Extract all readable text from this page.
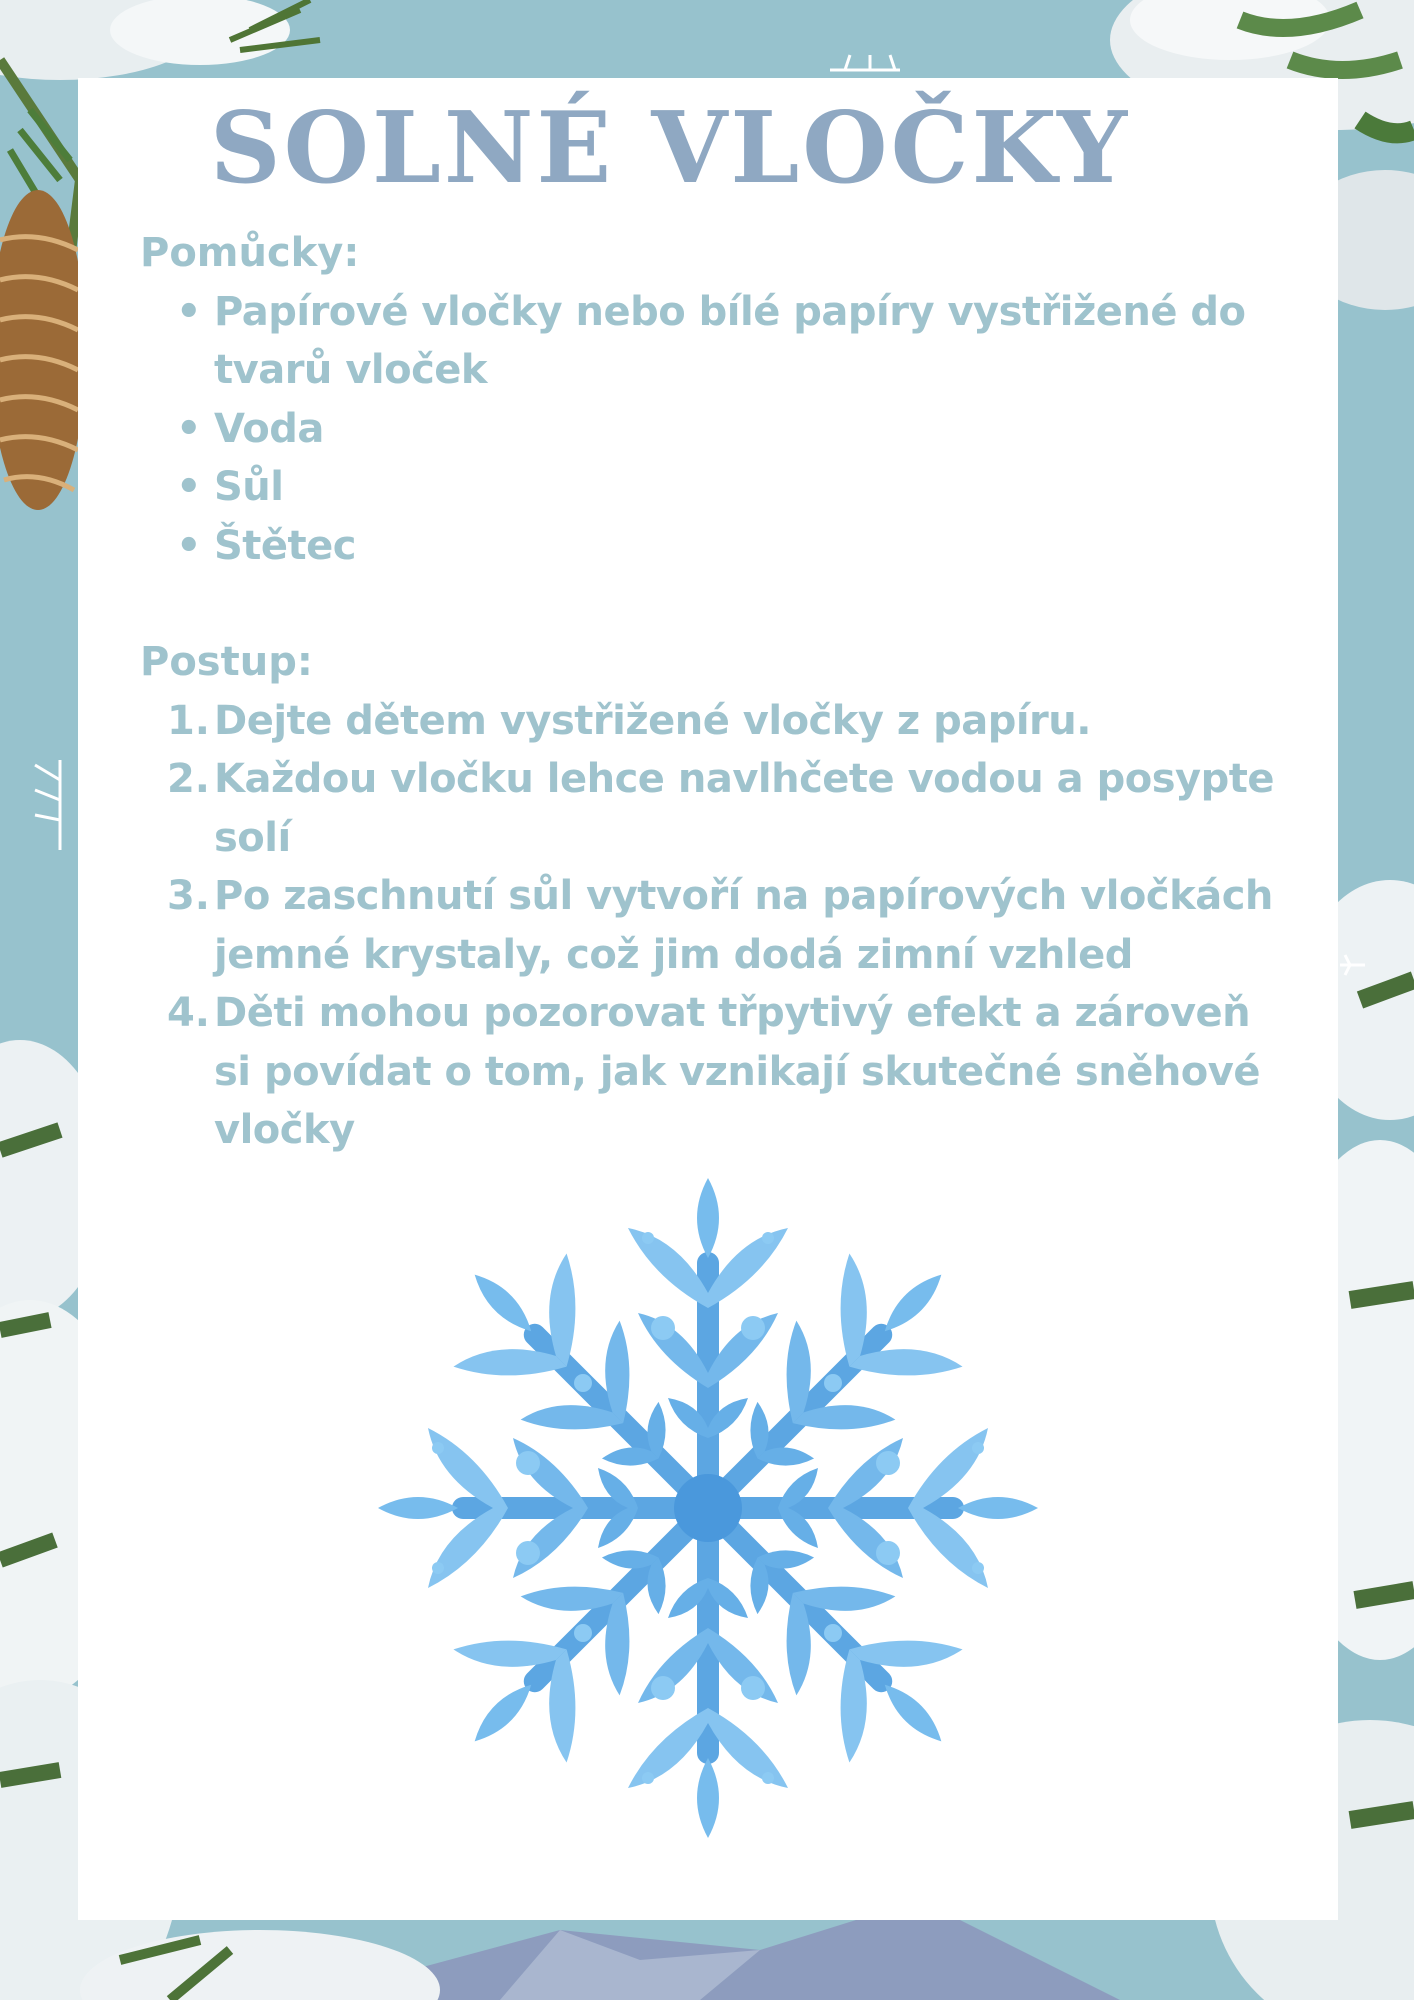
SOLNÉ VLOČKY
Pomůcky:
• Papírové vločky nebo bílé papíry vystřižené do tvarů vloček
• Voda
• Sůl
• Štětec
Postup:
1. Dejte dětem vystřižené vločky z papíru.
2. Každou vločku lehce navlhčete vodou a posypte solí
3. Po zaschnutí sůl vytvoří na papírových vločkách jemné krystaly, což jim dodá zimní vzhled
4. Děti mohou pozorovat třpytivý efekt a zároveň si povídat o tom, jak vznikají skutečné sněhové vločky
